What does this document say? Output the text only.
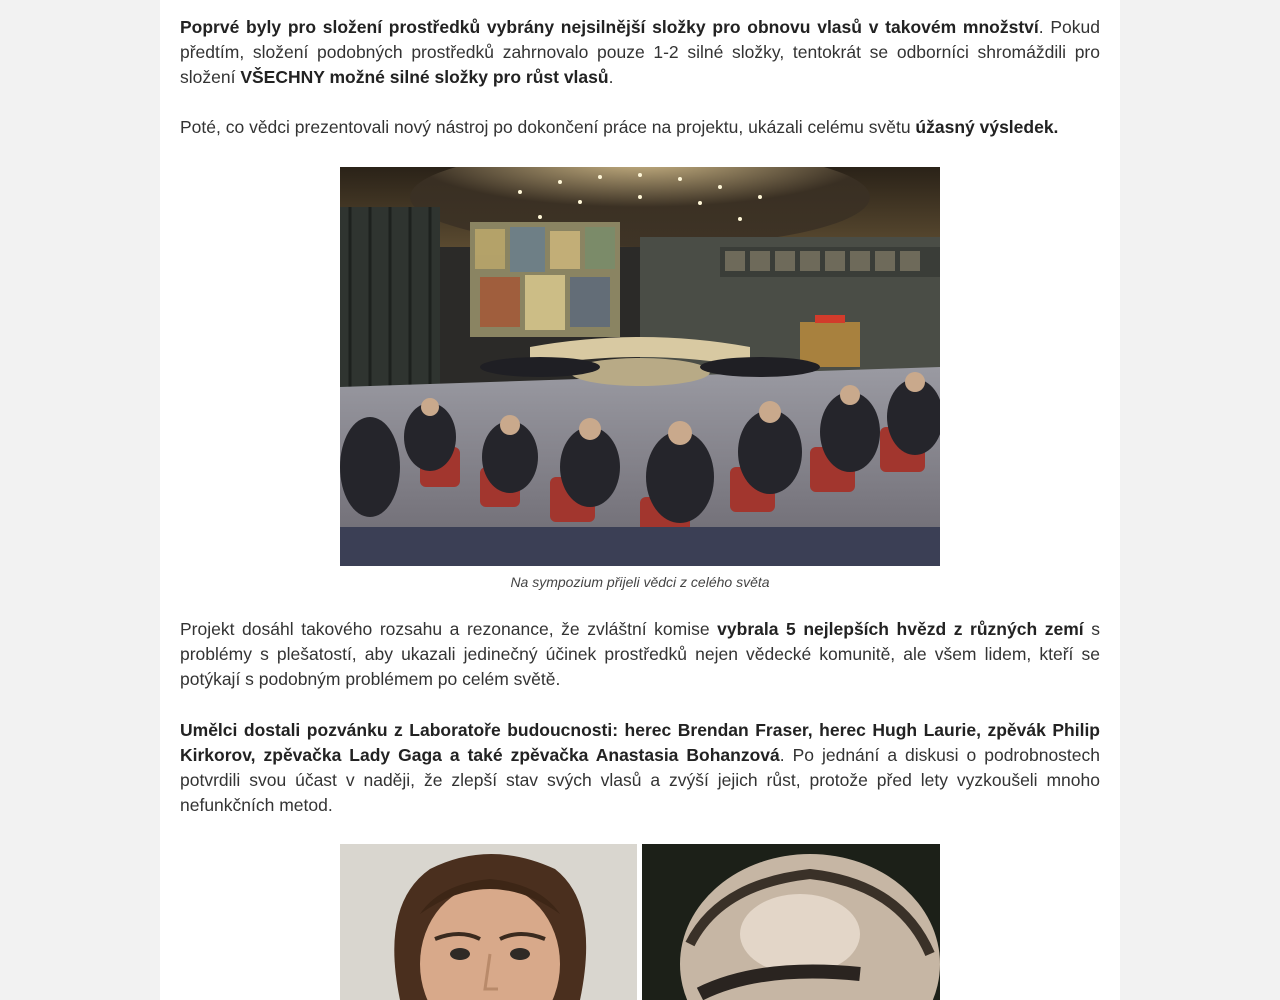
Poprvé byly pro složení prostředků vybrány nejsilnější složky pro obnovu vlasů v takovém množství. Pokud předtím, složení podobných prostředků zahrnovalo pouze 1-2 silné složky, tentokrát se odborníci shromáždili pro složení VŠECHNY možné silné složky pro růst vlasů.

Poté, co vědci prezentovali nový nástroj po dokončení práce na projektu, ukázali celému světu úžasný výsledek.

Projekt dosáhl takového rozsahu a rezonance, že zvláštní komise vybrala 5 nejlepších hvězd z různých zemí s problémy s plešatostí, aby ukazali jedinečný účinek prostředků nejen vědecké komunitě, ale všem lidem, kteří se potýkají s podobným problémem po celém světě.

Umělci dostali pozvánku z Laboratoře budoucnosti: herec Brendan Fraser, herec Hugh Laurie, zpěvák Philip Kirkorov, zpěvačka Lady Gaga a také zpěvačka Anastasia Bohanzová. Po jednání a diskusi o podrobnostech potvrdili svou účast v naději, že zlepší stav svých vlasů a zvýší jejich růst, protože před lety vyzkoušeli mnoho nefunkčních metod.

Na sympozium přijeli vědci z celého světa
